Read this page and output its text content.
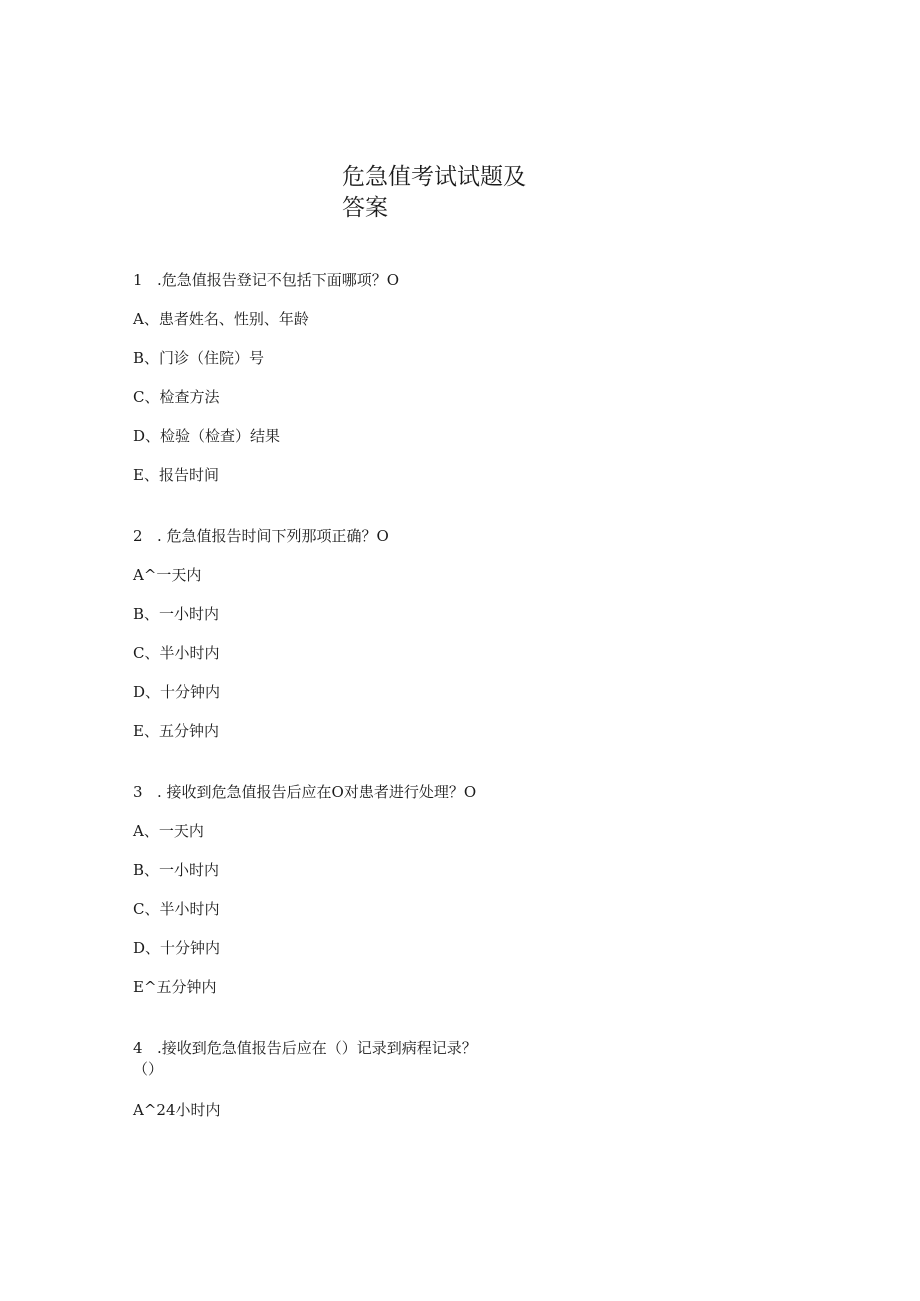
危急值考试试题及
答案
1 .危急值报告登记不包括下面哪项？O
A、患者姓名、性别、年龄
B、门诊（住院）号
C、检查方法
D、检验（检查）结果
E、报告时间
2 . 危急值报告时间下列那项正确？O
A^一天内
B、一小时内
C、半小时内
D、十分钟内
E、五分钟内
3 . 接收到危急值报告后应在O对患者进行处理？O
A、一天内
B、一小时内
C、半小时内
D、十分钟内
E^五分钟内
4 .接收到危急值报告后应在（）记录到病程记录？
（）
A^24小时内
